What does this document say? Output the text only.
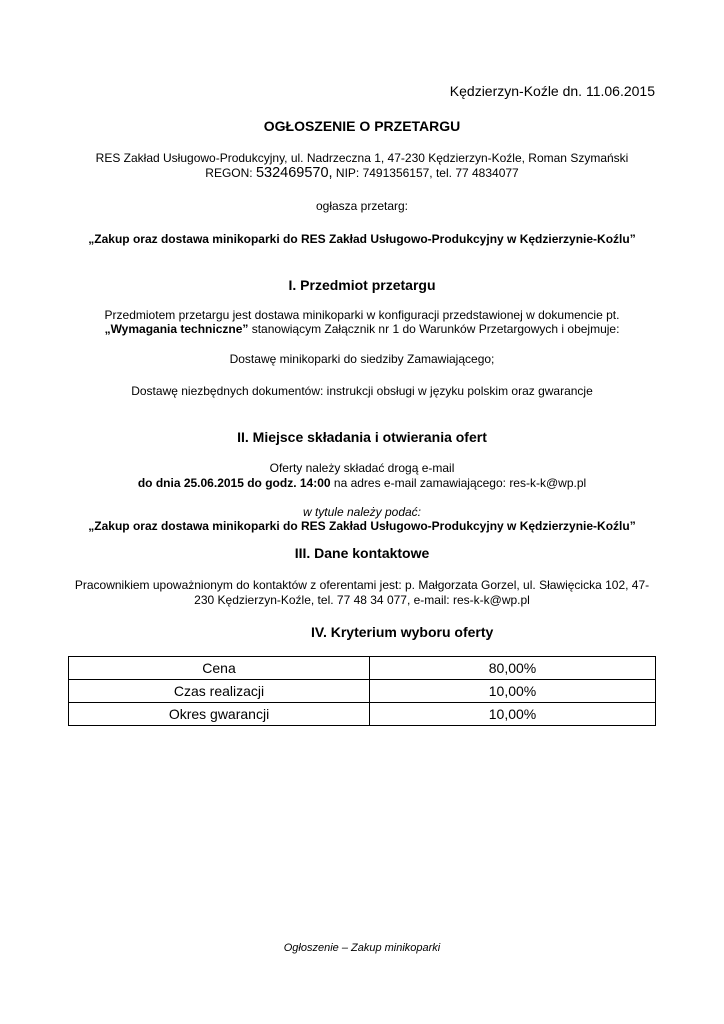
Kędzierzyn-Koźle dn. 11.06.2015
OGŁOSZENIE O PRZETARGU
RES Zakład Usługowo-Produkcyjny, ul. Nadrzeczna 1, 47-230 Kędzierzyn-Koźle, Roman Szymański
REGON: 532469570, NIP: 7491356157, tel. 77 4834077
ogłasza przetarg:
„Zakup oraz dostawa minikoparki do RES Zakład Usługowo-Produkcyjny w Kędzierzynie-Koźlu”
I. Przedmiot przetargu
Przedmiotem przetargu jest dostawa minikoparki w konfiguracji przedstawionej w dokumencie pt.
„Wymagania techniczne” stanowiącym Załącznik nr 1 do Warunków Przetargowych i obejmuje:
Dostawę minikoparki do siedziby Zamawiającego;
Dostawę niezbędnych dokumentów: instrukcji obsługi w języku polskim oraz gwarancje
II. Miejsce składania i otwierania ofert
Oferty należy składać drogą e-mail
do dnia 25.06.2015 do godz. 14:00 na adres e-mail zamawiającego: res-k-k@wp.pl
w tytule należy podać:
„Zakup oraz dostawa minikoparki do RES Zakład Usługowo-Produkcyjny w Kędzierzynie-Koźlu”
III. Dane kontaktowe
Pracownikiem upoważnionym do kontaktów z oferentami jest: p. Małgorzata Gorzel, ul. Sławięcicka 102, 47-
230 Kędzierzyn-Koźle, tel. 77 48 34 077, e-mail: res-k-k@wp.pl
IV. Kryterium wyboru oferty
Cena	80,00%
Czas realizacji	10,00%
Okres gwarancji	10,00%
Ogłoszenie – Zakup minikoparki
